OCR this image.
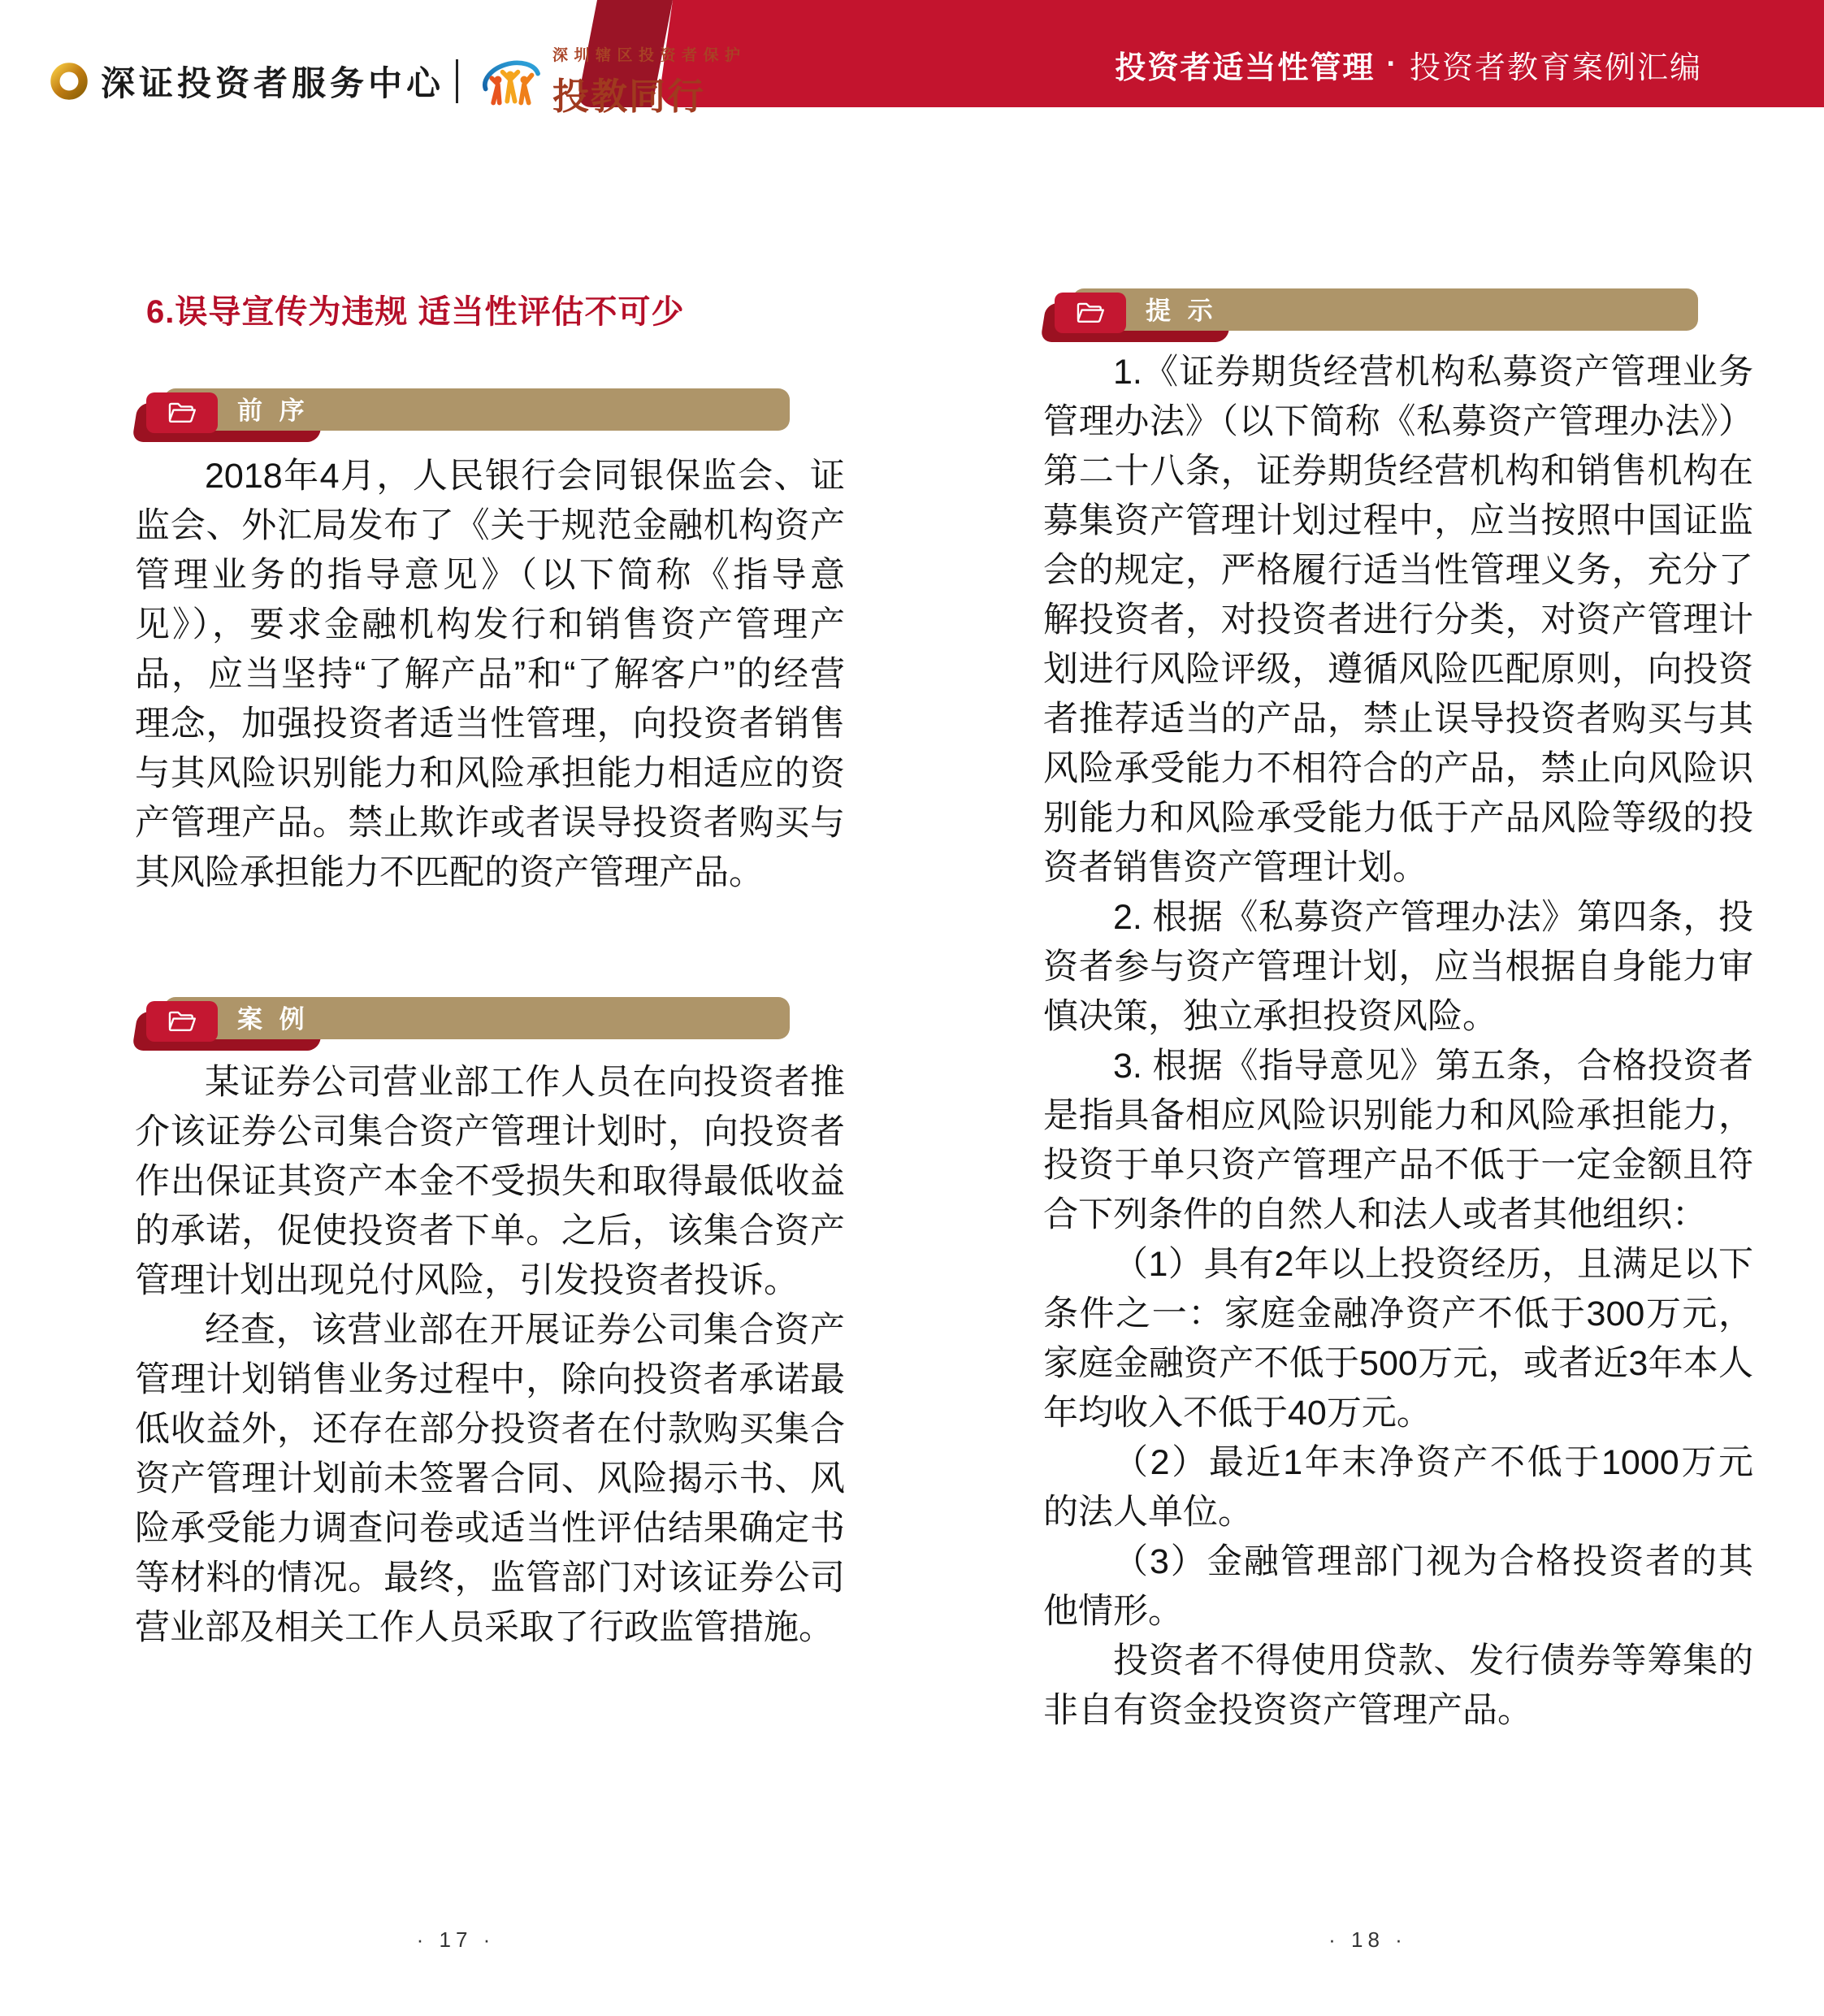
投资者适当性管理 · 投资者教育案例汇编
深证投资者服务中心
深圳辖区投资者保护
投教同行
6.误导宣传为违规 适当性评估不可少
前 序

2018年4月，人民银行会同银保监会、证监会、外汇局发布了《关于规范金融机构资产管理业务的指导意见》（以下简称《指导意见》），要求金融机构发行和销售资产管理产品，应当坚持“了解产品”和“了解客户”的经营理念，加强投资者适当性管理，向投资者销售与其风险识别能力和风险承担能力相适应的资产管理产品。禁止欺诈或者误导投资者购买与其风险承担能力不匹配的资产管理产品。

案 例

某证券公司营业部工作人员在向投资者推介该证券公司集合资产管理计划时，向投资者作出保证其资产本金不受损失和取得最低收益的承诺，促使投资者下单。之后，该集合资产管理计划出现兑付风险，引发投资者投诉。

经查，该营业部在开展证券公司集合资产管理计划销售业务过程中，除向投资者承诺最低收益外，还存在部分投资者在付款购买集合资产管理计划前未签署合同、风险揭示书、风险承受能力调查问卷或适当性评估结果确定书等材料的情况。最终，监管部门对该证券公司营业部及相关工作人员采取了行政监管措施。

提 示

1.《证券期货经营机构私募资产管理业务管理办法》（以下简称《私募资产管理办法》）第二十八条，证券期货经营机构和销售机构在募集资产管理计划过程中，应当按照中国证监会的规定，严格履行适当性管理义务，充分了解投资者，对投资者进行分类，对资产管理计划进行风险评级，遵循风险匹配原则，向投资者推荐适当的产品，禁止误导投资者购买与其风险承受能力不相符合的产品，禁止向风险识别能力和风险承受能力低于产品风险等级的投资者销售资产管理计划。

2. 根据《私募资产管理办法》第四条，投资者参与资产管理计划，应当根据自身能力审 慎决策，独立承担投资风险。

3. 根据《指导意见》第五条，合格投资者是指具备相应风险识别能力和风险承担能力，投资于单只资产管理产品不低于一定金额且符合下列条件的自然人和法人或者其他组织：

（1）具有2年以上投资经历，且满足以下条件之一：家庭金融净资产不低于300万元，家庭金融资产不低于500万元，或者近3年本人年均收入不低于40万元。

（2）最近1年末净资产不低于1000万元的法人单位。

（3）金融管理部门视为合格投资者的其他情形。

投资者不得使用贷款、发行债券等筹集的非自有资金投资资产管理产品。

· 17 ·	· 18 ·
